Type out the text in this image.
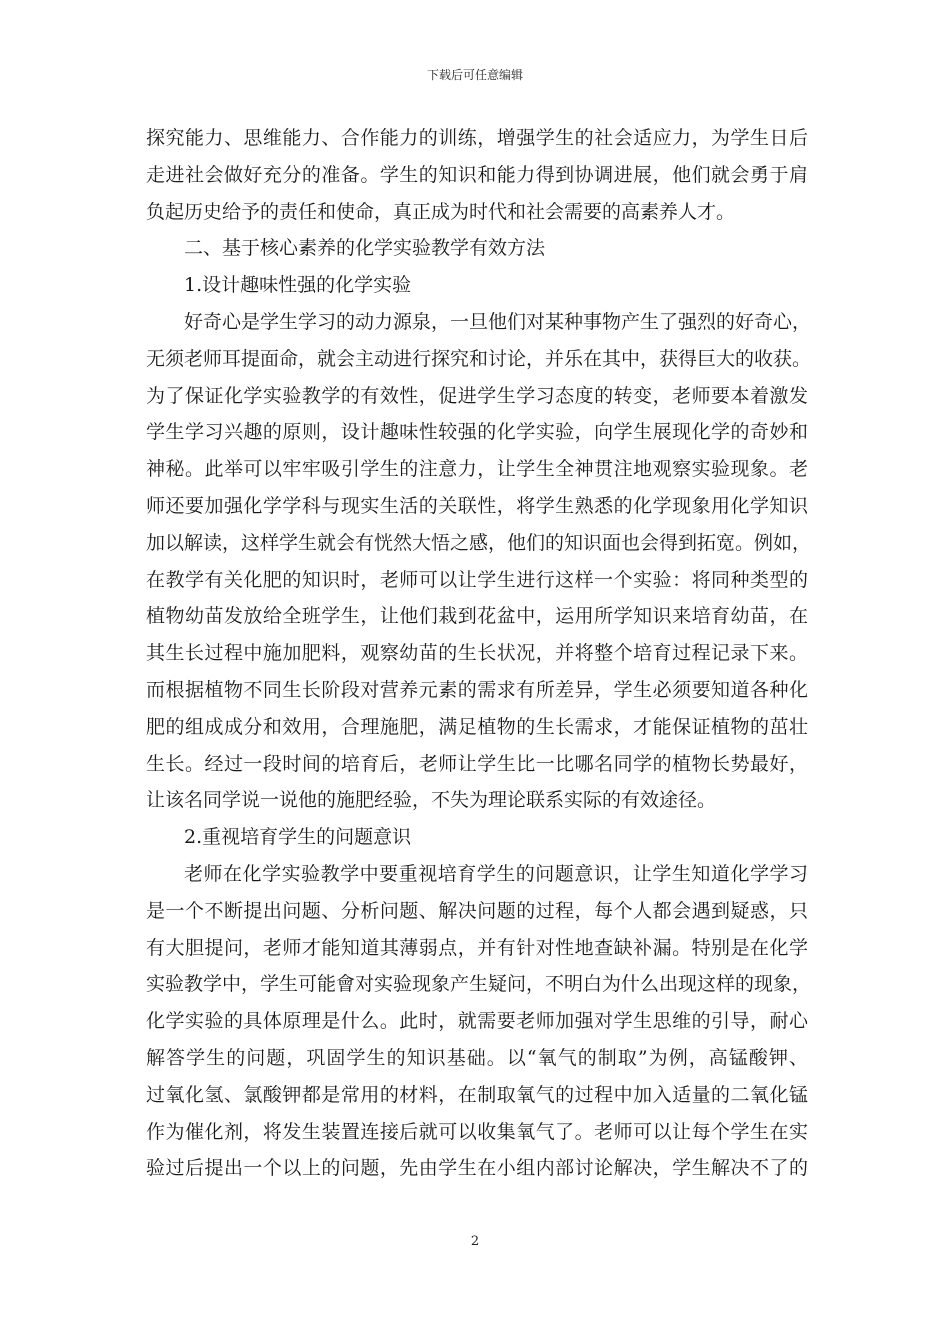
下载后可任意编辑
探究能力、思维能力、合作能力的训练，增强学生的社会适应力，为学生日后
走进社会做好充分的准备。学生的知识和能力得到协调进展，他们就会勇于肩
负起历史给予的责任和使命，真正成为时代和社会需要的高素养人才。
二、基于核心素养的化学实验教学有效方法
1.设计趣味性强的化学实验
好奇心是学生学习的动力源泉，一旦他们对某种事物产生了强烈的好奇心，
无须老师耳提面命，就会主动进行探究和讨论，并乐在其中，获得巨大的收获。
为了保证化学实验教学的有效性，促进学生学习态度的转变，老师要本着激发
学生学习兴趣的原则，设计趣味性较强的化学实验，向学生展现化学的奇妙和
神秘。此举可以牢牢吸引学生的注意力，让学生全神贯注地观察实验现象。老
师还要加强化学学科与现实生活的关联性，将学生熟悉的化学现象用化学知识
加以解读，这样学生就会有恍然大悟之感，他们的知识面也会得到拓宽。例如，
在教学有关化肥的知识时，老师可以让学生进行这样一个实验：将同种类型的
植物幼苗发放给全班学生，让他们栽到花盆中，运用所学知识来培育幼苗，在
其生长过程中施加肥料，观察幼苗的生长状况，并将整个培育过程记录下来。
而根据植物不同生长阶段对营养元素的需求有所差异，学生必须要知道各种化
肥的组成成分和效用，合理施肥，满足植物的生长需求，才能保证植物的茁壮
生长。经过一段时间的培育后，老师让学生比一比哪名同学的植物长势最好，
让该名同学说一说他的施肥经验，不失为理论联系实际的有效途径。
2.重视培育学生的问题意识
老师在化学实验教学中要重视培育学生的问题意识，让学生知道化学学习
是一个不断提出问题、分析问题、解决问题的过程，每个人都会遇到疑惑，只
有大胆提问，老师才能知道其薄弱点，并有针对性地查缺补漏。特别是在化学
实验教学中，学生可能會对实验现象产生疑问，不明白为什么出现这样的现象，
化学实验的具体原理是什么。此时，就需要老师加强对学生思维的引导，耐心
解答学生的问题，巩固学生的知识基础。以“氧气的制取”为例，高锰酸钾、
过氧化氢、氯酸钾都是常用的材料，在制取氧气的过程中加入适量的二氧化锰
作为催化剂，将发生装置连接后就可以收集氧气了。老师可以让每个学生在实
验过后提出一个以上的问题，先由学生在小组内部讨论解决，学生解决不了的
2
